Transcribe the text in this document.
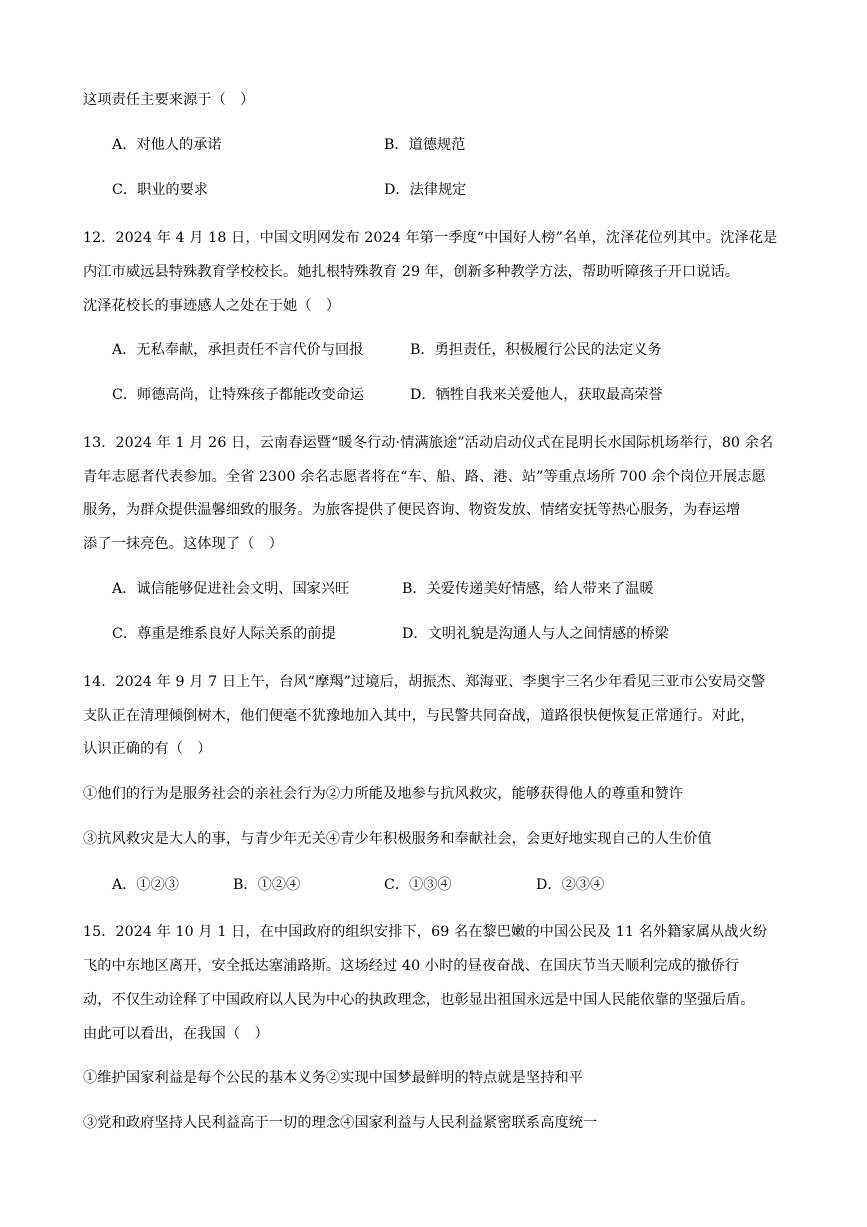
这项责任主要来源于（　）
A．对他人的承诺	B．道德规范
C．职业的要求	D．法律规定
12．2024 年 4 月 18 日，中国文明网发布 2024 年第一季度“中国好人榜”名单，沈泽花位列其中。沈泽花是
内江市威远县特殊教育学校校长。她扎根特殊教育 29 年，创新多种教学方法，帮助听障孩子开口说话。
沈泽花校长的事迹感人之处在于她（　）
A．无私奉献，承担责任不言代价与回报	B．勇担责任，积极履行公民的法定义务
C．师德高尚，让特殊孩子都能改变命运	D．牺牲自我来关爱他人，获取最高荣誉
13．2024 年 1 月 26 日，云南春运暨“暖冬行动·情满旅途”活动启动仪式在昆明长水国际机场举行，80 余名
青年志愿者代表参加。全省 2300 余名志愿者将在“车、船、路、港、站”等重点场所 700 余个岗位开展志愿
服务，为群众提供温馨细致的服务。为旅客提供了便民咨询、物资发放、情绪安抚等热心服务，为春运增
添了一抹亮色。这体现了（　）
A．诚信能够促进社会文明、国家兴旺	B．关爱传递美好情感，给人带来了温暖
C．尊重是维系良好人际关系的前提	D．文明礼貌是沟通人与人之间情感的桥梁
14．2024 年 9 月 7 日上午，台风“摩羯”过境后，胡振杰、郑海亚、李奥宇三名少年看见三亚市公安局交警
支队正在清理倾倒树木，他们便毫不犹豫地加入其中，与民警共同奋战，道路很快便恢复正常通行。对此，
认识正确的有（　）
①他们的行为是服务社会的亲社会行为②力所能及地参与抗风救灾，能够获得他人的尊重和赞许
③抗风救灾是大人的事，与青少年无关④青少年积极服务和奉献社会，会更好地实现自己的人生价值
A．①②③	B．①②④	C．①③④	D．②③④
15．2024 年 10 月 1 日，在中国政府的组织安排下，69 名在黎巴嫩的中国公民及 11 名外籍家属从战火纷
飞的中东地区离开，安全抵达塞浦路斯。这场经过 40 小时的昼夜奋战、在国庆节当天顺利完成的撤侨行
动，不仅生动诠释了中国政府以人民为中心的执政理念，也彰显出祖国永远是中国人民能依靠的坚强后盾。
由此可以看出，在我国（　）
①维护国家利益是每个公民的基本义务②实现中国梦最鲜明的特点就是坚持和平
③党和政府坚持人民利益高于一切的理念④国家利益与人民利益紧密联系高度统一
